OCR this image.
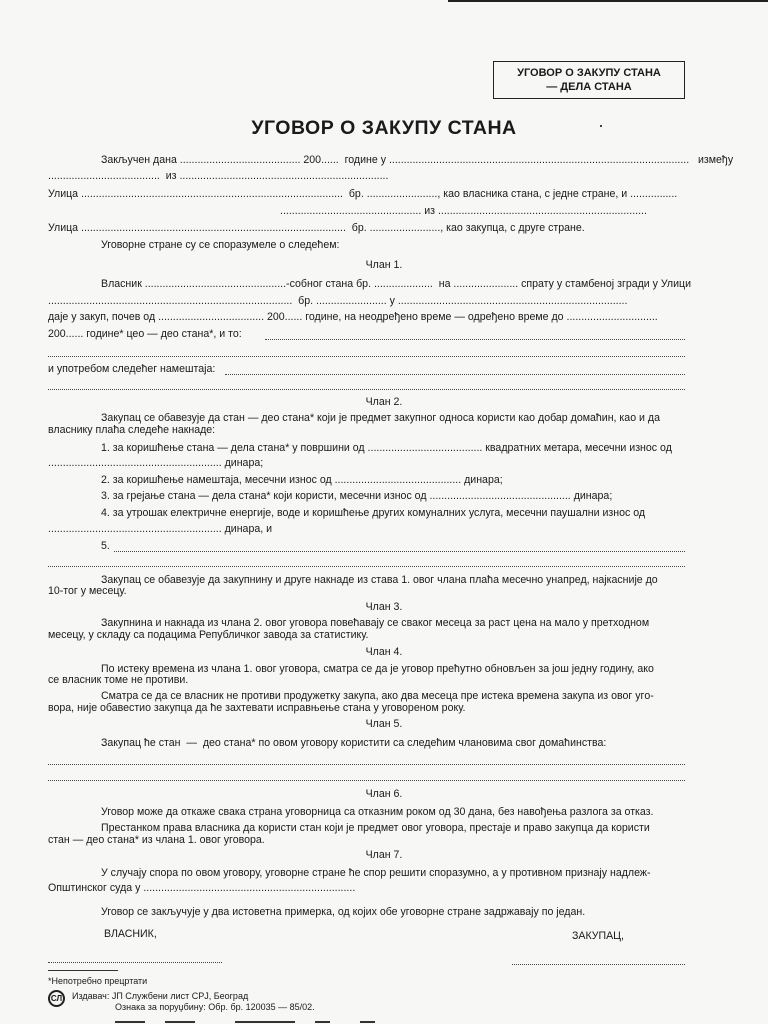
УГОВОР О ЗАКУПУ СТАНА
— ДЕЛА СТАНА
УГОВОР О ЗАКУПУ СТАНА
Закључен дана ......................................... 200......  године у ......................................................................................................   између
......................................  из .......................................................................
Улица .........................................................................................  бр. ........................, као власника стана, с једне стране, и ................
................................................ из .......................................................................
Улица ..........................................................................................  бр. ........................, као закупца, с друге стране.
Уговорне стране су се споразумеле о следећем:
Члан 1.
Власник ................................................-собног стана бр. ....................  на ...................... спрату у стамбеној згради у Улици
...................................................................................  бр. ........................ у ..............................................................................
даје у закуп, почев од .................................... 200...... године, на неодређено време — одређено време до ...............................
200...... године* цео — део стана*, и то:
и употребом следећег намештаја:
Члан 2.
Закупац се обавезује да стан — део стана* који је предмет закупног односа користи као добар домаћин, као и да
власнику плаћа следеће накнаде:
1. за коришћење стана — дела стана* у површини од ....................................... квадратних метара, месечни износ од
........................................................... динара;
2. за коришћење намештаја, месечни износ од ........................................... динара;
3. за грејање стана — дела стана* који користи, месечни износ од ................................................ динара;
4. за утрошак електричне енергије, воде и коришћење других комуналних услуга, месечни паушални износ од
........................................................... динара, и
5.
Закупац се обавезује да закупнину и друге накнаде из става 1. овог члана плаћа месечно унапред, најкасније до
10-тог у месецу.
Члан 3.
Закупнина и накнада из члана 2. овог уговора повећавају се сваког месеца за раст цена на мало у претходном
месецу, у складу са подацима Републичког завода за статистику.
Члан 4.
По истеку времена из члана 1. овог уговора, сматра се да је уговор прећутно обновљен за још једну годину, ако
се власник томе не противи.
Сматра се да се власник не противи продужетку закупа, ако два месеца пре истека времена закупа из овог угo-
вора, није обавестио закупца да ће захтевати исправњење стана у уговореном року.
Члан 5.
Закупац ће стан  —  део стана* по овом уговору користити са следећим члановима свог домаћинства:
Члан 6.
Уговор може да откаже свака страна уговорница са отказним роком од 30 дана, без навођења разлога за отказ.
Престанком права власника да користи стан који је предмет овог уговора, престаје и право закупца да користи
стан — део стана* из члана 1. овог уговора.
Члан 7.
У случају спора по овом уговору, уговорне стране ће спор решити споразумно, а у противном признају надлеж-
Општинског суда у ........................................................................
Уговор се закључује у два истоветна примерка, од којих обе уговорне стране задржавају по један.
ВЛАСНИК,	ЗАКУПАЦ,
*Непотребно прецртати
СЛ	Издавач: ЈП Службени лист СРЈ, Београд
Ознака за поруџбину: Обр. бр. 120035 — 85/02.
